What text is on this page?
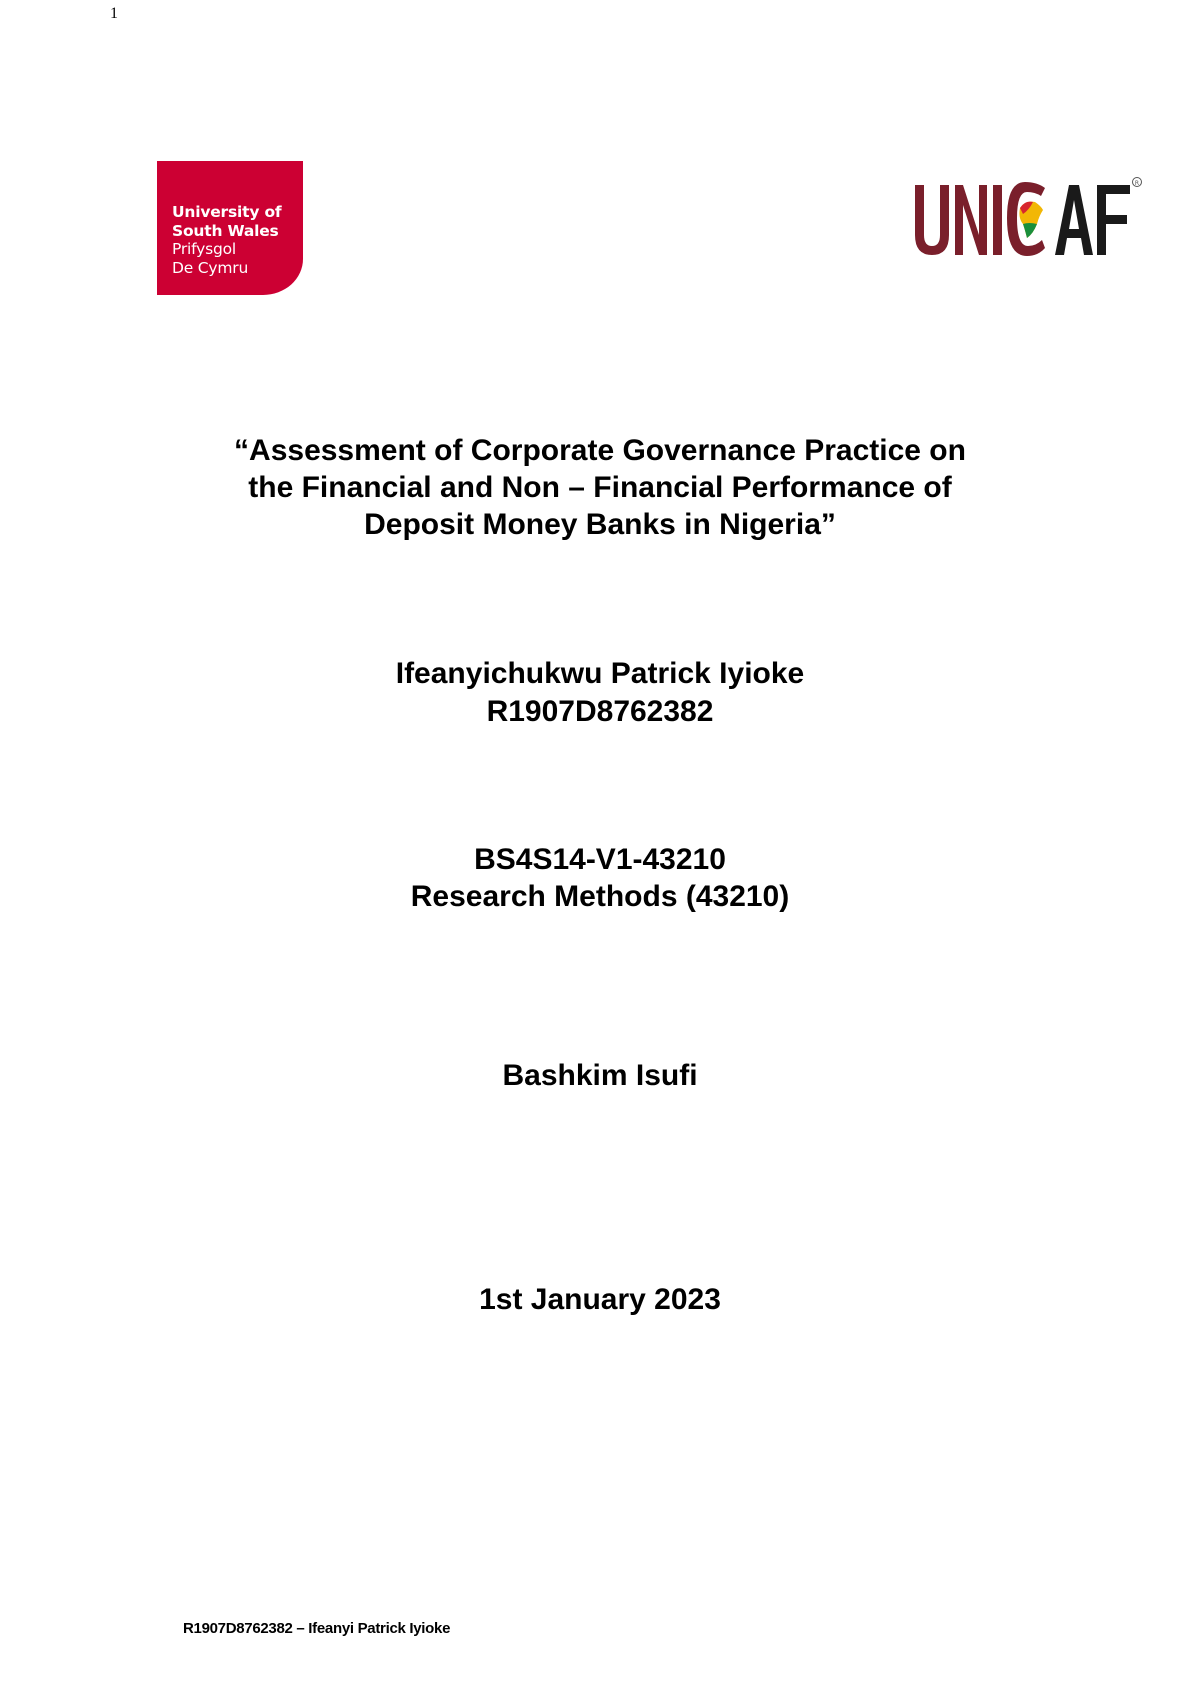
1
University of
South Wales
Prifysgol
De Cymru
R
“Assessment of Corporate Governance Practice on
the Financial and Non – Financial Performance of
Deposit Money Banks in Nigeria”
Ifeanyichukwu Patrick Iyioke
R1907D8762382
BS4S14-V1-43210
Research Methods (43210)
Bashkim Isufi
1st January 2023
R1907D8762382 – Ifeanyi Patrick Iyioke
